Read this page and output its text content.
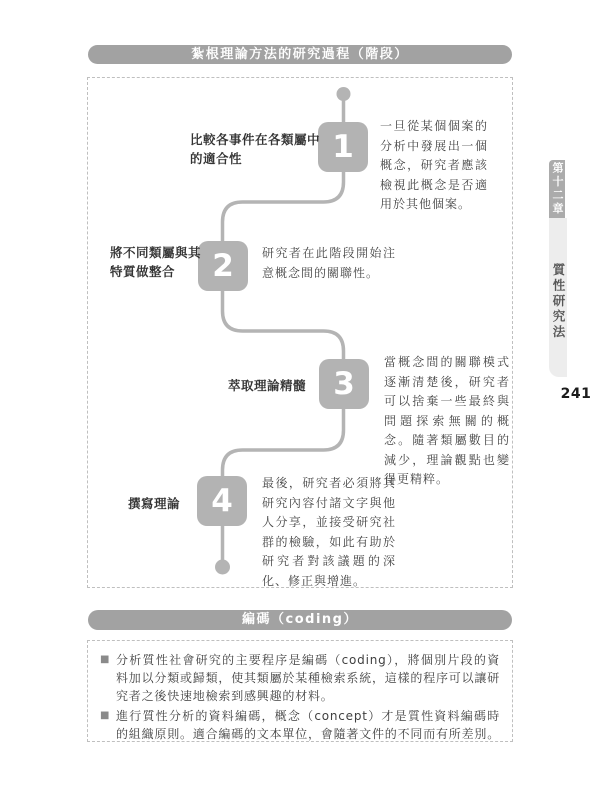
紮根理論方法的研究過程（階段）
1
2
3
4
比較各事件在各類屬中的適合性
將不同類屬與其特質做整合
萃取理論精髓
撰寫理論
一旦從某個個案的分析中發展出一個概念，研究者應該檢視此概念是否適用於其他個案。
研究者在此階段開始注意概念間的關聯性。
當概念間的關聯模式逐漸清楚後，研究者可以捨棄一些最終與問題探索無關的概念。隨著類屬數目的減少，理論觀點也變得更精粹。
最後，研究者必須將其研究內容付諸文字與他人分享，並接受研究社群的檢驗，如此有助於研究者對該議題的深化、修正與增進。
編碼（coding）
■ 分析質性社會研究的主要程序是編碼（coding），將個別片段的資料加以分類或歸類，使其類屬於某種檢索系統，這樣的程序可以讓研究者之後快速地檢索到感興趣的材料。
■ 進行質性分析的資料編碼，概念（concept）才是質性資料編碼時的組織原則。適合編碼的文本單位，會隨著文件的不同而有所差別。
第十二章
質性研究法
241
